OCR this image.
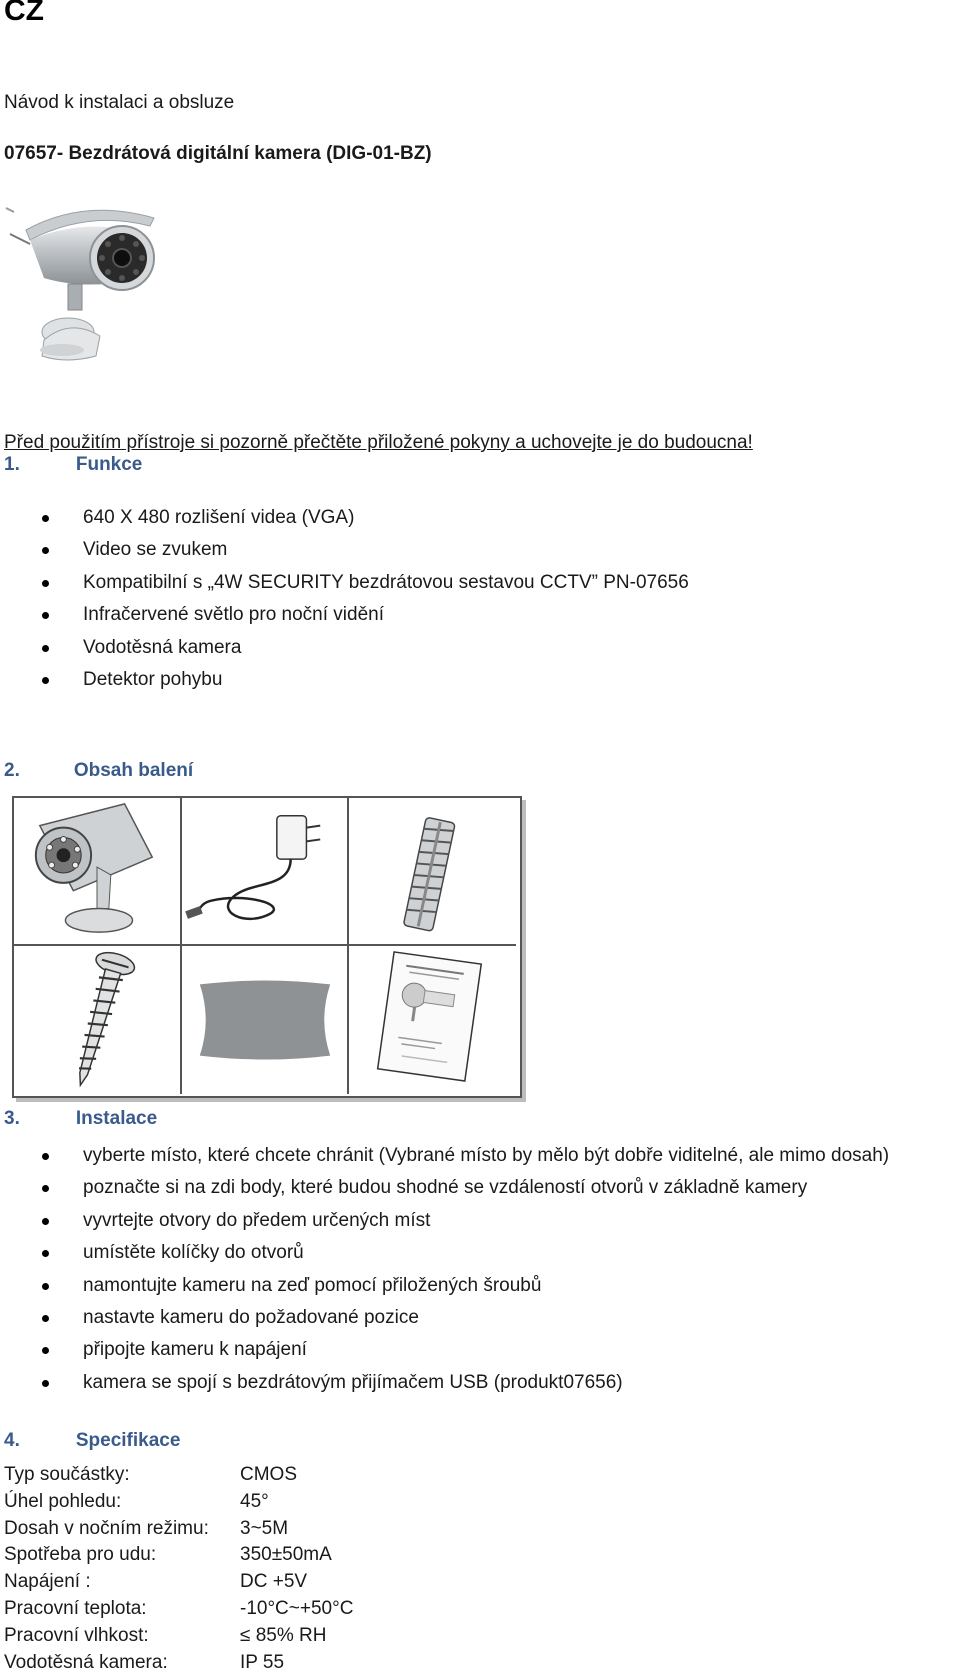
CZ
Návod k instalaci a obsluze
07657- Bezdrátová digitální kamera (DIG-01-BZ)
Před použitím přístroje si pozorně přečtěte přiložené pokyny a uchovejte je do budoucna!
1.	Funkce
640 X 480 rozlišení videa (VGA)
Video se zvukem
Kompatibilní s „4W SECURITY bezdrátovou sestavou CCTV” PN-07656
Infračervené světlo pro noční vidění
Vodotěsná kamera
Detektor pohybu
2.	Obsah balení
3.	Instalace
vyberte místo, které chcete chránit (Vybrané místo by mělo být dobře viditelné, ale mimo dosah)
poznačte si na zdi body, které budou shodné se vzdáleností otvorů v základně kamery
vyvrtejte otvory do předem určených míst
umístěte kolíčky do otvorů
namontujte kameru na zeď pomocí přiložených šroubů
nastavte kameru do požadované pozice
připojte kameru k napájení
kamera se spojí s bezdrátovým přijímačem USB (produkt07656)
4.	Specifikace
Typ součástky:	CMOS
Úhel pohledu:	45°
Dosah v nočním režimu: 3~5M
Spotřeba pro udu:	350±50mA
Napájení :	DC +5V
Pracovní teplota:	-10°C~+50°C
Pracovní vlhkost:	≤ 85% RH
Vodotěsná kamera:	IP 55
